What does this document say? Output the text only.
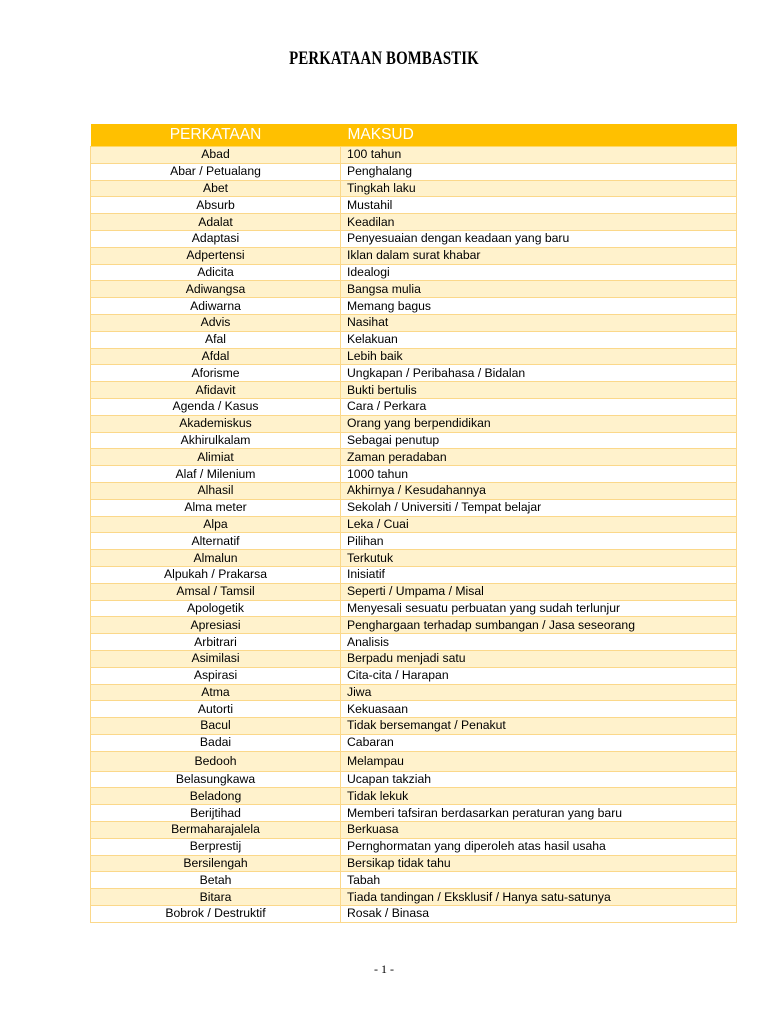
PERKATAAN BOMBASTIK
PERKATAAN	MAKSUD
Abad	100 tahun
Abar / Petualang	Penghalang
Abet	Tingkah laku
Absurb	Mustahil
Adalat	Keadilan
Adaptasi	Penyesuaian dengan keadaan yang baru
Adpertensi	Iklan dalam surat khabar
Adicita	Idealogi
Adiwangsa	Bangsa mulia
Adiwarna	Memang bagus
Advis	Nasihat
Afal	Kelakuan
Afdal	Lebih baik
Aforisme	Ungkapan / Peribahasa / Bidalan
Afidavit	Bukti bertulis
Agenda / Kasus	Cara / Perkara
Akademiskus	Orang yang berpendidikan
Akhirulkalam	Sebagai penutup
Alimiat	Zaman peradaban
Alaf / Milenium	1000 tahun
Alhasil	Akhirnya / Kesudahannya
Alma meter	Sekolah / Universiti / Tempat belajar
Alpa	Leka / Cuai
Alternatif	Pilihan
Almalun	Terkutuk
Alpukah / Prakarsa	Inisiatif
Amsal / Tamsil	Seperti / Umpama / Misal
Apologetik	Menyesali sesuatu perbuatan yang sudah terlunjur
Apresiasi	Penghargaan terhadap sumbangan / Jasa seseorang
Arbitrari	Analisis
Asimilasi	Berpadu menjadi satu
Aspirasi	Cita-cita / Harapan
Atma	Jiwa
Autorti	Kekuasaan
Bacul	Tidak bersemangat / Penakut
Badai	Cabaran
Bedooh	Melampau
Belasungkawa	Ucapan takziah
Beladong	Tidak lekuk
Berijtihad	Memberi tafsiran berdasarkan peraturan yang baru
Bermaharajalela	Berkuasa
Berprestij	Pernghormatan yang diperoleh atas hasil usaha
Bersilengah	Bersikap tidak tahu
Betah	Tabah
Bitara	Tiada tandingan / Eksklusif / Hanya satu-satunya
Bobrok / Destruktif	Rosak / Binasa
- 1 -
